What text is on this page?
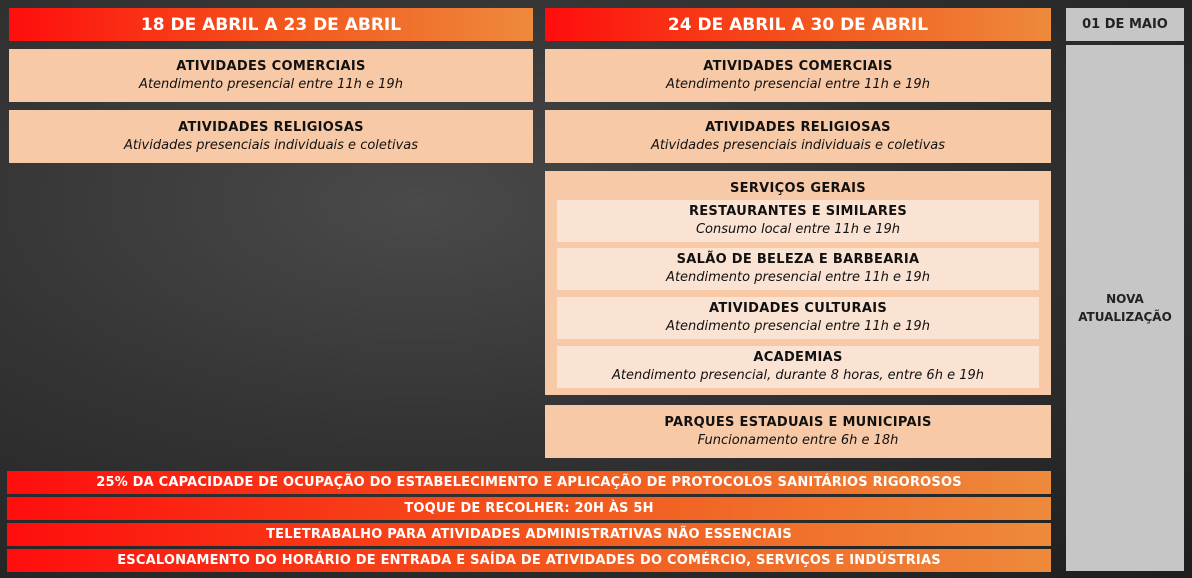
18 DE ABRIL A 23 DE ABRIL	24 DE ABRIL A 30 DE ABRIL	01 DE MAIO
ATIVIDADES COMERCIAIS
Atendimento presencial entre 11h e 19h
ATIVIDADES RELIGIOSAS
Atividades presenciais individuais e coletivas
ATIVIDADES COMERCIAIS
Atendimento presencial entre 11h e 19h
ATIVIDADES RELIGIOSAS
Atividades presenciais individuais e coletivas
SERVIÇOS GERAIS
RESTAURANTES E SIMILARES
Consumo local entre 11h e 19h
SALÃO DE BELEZA E BARBEARIA
Atendimento presencial entre 11h e 19h
ATIVIDADES CULTURAIS
Atendimento presencial entre 11h e 19h
ACADEMIAS
Atendimento presencial, durante 8 horas, entre 6h e 19h
PARQUES ESTADUAIS E MUNICIPAIS
Funcionamento entre 6h e 18h
NOVA
ATUALIZAÇÃO
25% DA CAPACIDADE DE OCUPAÇÃO DO ESTABELECIMENTO E APLICAÇÃO DE PROTOCOLOS SANITÁRIOS RIGOROSOS
TOQUE DE RECOLHER: 20H ÀS 5H
TELETRABALHO PARA ATIVIDADES ADMINISTRATIVAS NÃO ESSENCIAIS
ESCALONAMENTO DO HORÁRIO DE ENTRADA E SAÍDA DE ATIVIDADES DO COMÉRCIO, SERVIÇOS E INDÚSTRIAS
